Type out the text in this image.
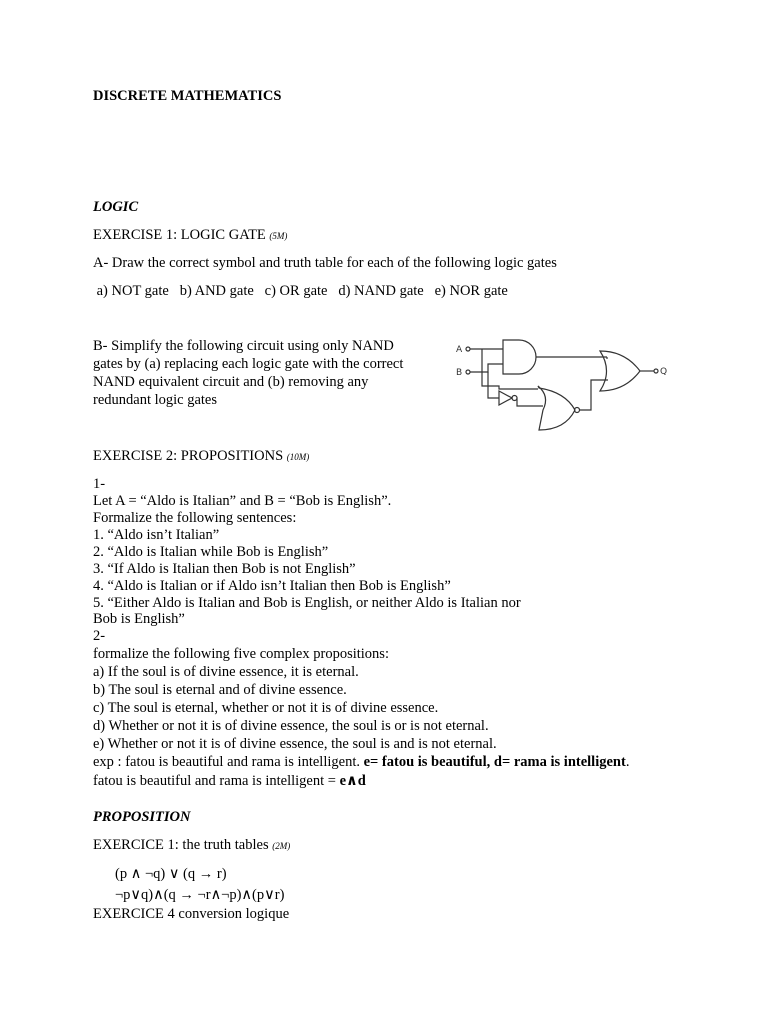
DISCRETE MATHEMATICS
LOGIC
EXERCISE 1: LOGIC GATE (5M)
A- Draw the correct symbol and truth table for each of the following logic gates
a) NOT gate   b) AND gate   c) OR gate   d) NAND gate   e) NOR gate
B- Simplify the following circuit using only NAND
gates by (a) replacing each logic gate with the correct
NAND equivalent circuit and (b) removing any
redundant logic gates
A
B	Q
EXERCISE 2: PROPOSITIONS (10M)
1-
Let A = “Aldo is Italian” and B = “Bob is English”.
Formalize the following sentences:
1. “Aldo isn’t Italian”
2. “Aldo is Italian while Bob is English”
3. “If Aldo is Italian then Bob is not English”
4. “Aldo is Italian or if Aldo isn’t Italian then Bob is English”
5. “Either Aldo is Italian and Bob is English, or neither Aldo is Italian nor
Bob is English”
2-
formalize the following five complex propositions:
a) If the soul is of divine essence, it is eternal.
b) The soul is eternal and of divine essence.
c) The soul is eternal, whether or not it is of divine essence.
d) Whether or not it is of divine essence, the soul is or is not eternal.
e) Whether or not it is of divine essence, the soul is and is not eternal.
exp : fatou is beautiful and rama is intelligent. e= fatou is beautiful, d= rama is intelligent.
fatou is beautiful and rama is intelligent = e∧d
PROPOSITION
EXERCICE 1: the truth tables (2M)
(p ∧ ¬q) ∨ (q → r)
¬p∨q)∧(q → ¬r∧¬p)∧(p∨r)
EXERCICE 4 conversion logique
